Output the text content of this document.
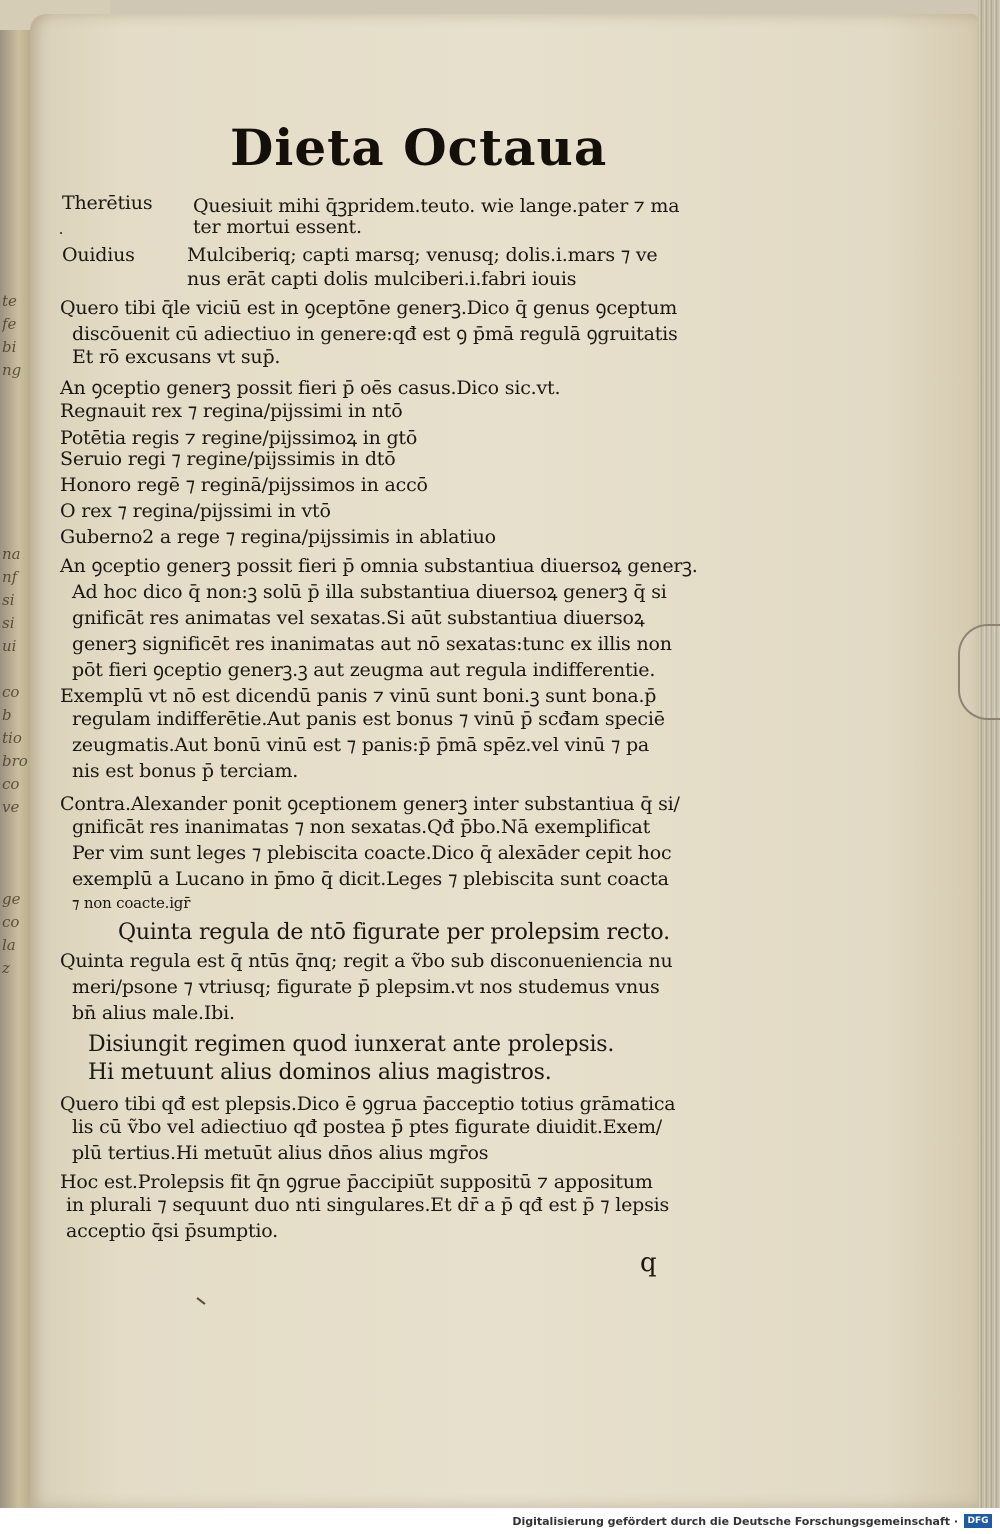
te
fe
bi
ng

na
nf
si
si
ui

co
b
tio
bro
co
ve

ge
co
la
z
Dieta Octaua
Therētius
Ouidius
Quesiuit mihi q̄ꝫpridem.teuto. wie lange.pater ⁊ ma
ter mortui essent.
Mulciberiq; capti marsq; venusq; dolis.i.mars ⁊ ve
nus erāt capti dolis mulciberi.i.fabri iouis
Quero tibi q̄le viciū est in ꝯceptōne generꝫ.Dico q̄ genus ꝯceptum
discōuenit cū adiectiuo in genere:qđ est ꝯ p̄mā regulā ꝯgruitatis
Et rō excusans vt sup̄.
An ꝯceptio generꝫ possit fieri p̄ oēs casus.Dico sic.vt.
Regnauit rex ⁊ regina/pijssimi in ntō
Potētia regis ⁊ regine/pijssimoꝝ in gtō
Seruio regi ⁊ regine/pijssimis in dtō
Honoro regē ⁊ reginā/pijssimos in accō
O rex ⁊ regina/pijssimi in vtō
Guberno2 a rege ⁊ regina/pijssimis in ablatiuo
An ꝯceptio generꝫ possit fieri p̄ omnia substantiua diuersoꝝ generꝫ.
Ad hoc dico q̄ non:ꝫ solū p̄ illa substantiua diuersoꝝ generꝫ q̄ si
gnificāt res animatas vel sexatas.Si aūt substantiua diuersoꝝ
generꝫ significēt res inanimatas aut nō sexatas:tunc ex illis non
pōt fieri ꝯceptio generꝫ.ꝫ aut zeugma aut regula indifferentie.
Exemplū vt nō est dicendū panis ⁊ vinū sunt boni.ꝫ sunt bona.p̄
regulam indifferētie.Aut panis est bonus ⁊ vinū p̄ scđam speciē
zeugmatis.Aut bonū vinū est ⁊ panis:p̄ p̄mā spēz.vel vinū ⁊ pa
nis est bonus p̄ terciam.
Contra.Alexander ponit ꝯceptionem generꝫ inter substantiua q̄ si/
gnificāt res inanimatas ⁊ non sexatas.Qđ p̄bo.Nā exemplificat
Per vim sunt leges ⁊ plebiscita coacte.Dico q̄ alexāder cepit hoc
exemplū a Lucano in p̄mo q̄ dicit.Leges ⁊ plebiscita sunt coacta
⁊ non coacte.igr̄
Quinta regula de ntō figurate per prolepsim recto.
Quinta regula est q̄ ntūs q̄nq; regit a ṽbo sub disconueniencia nu
meri/psone ⁊ vtriusq; figurate p̄ plepsim.vt nos studemus vnus
bn̄ alius male.Ibi.
Disiungit regimen quod iunxerat ante prolepsis.
Hi metuunt alius dominos alius magistros.
Quero tibi qđ est plepsis.Dico ē ꝯgrua p̄acceptio totius grāmatica
lis cū ṽbo vel adiectiuo qđ postea p̄ ptes figurate diuidit.Exem/
plū tertius.Hi metuūt alius dn̄os alius mgr̄os
Hoc est.Prolepsis fit q̄n ꝯgrue p̄accipiūt suppositū ⁊ appositum
in plurali ⁊ sequunt duo nti singulares.Et dr̄ a p̄ qđ est p̄ ⁊ lepsis
acceptio q̄si p̄sumptio.
q
Digitalisierung gefördert durch die Deutsche Forschungsgemeinschaft ·	DFG
